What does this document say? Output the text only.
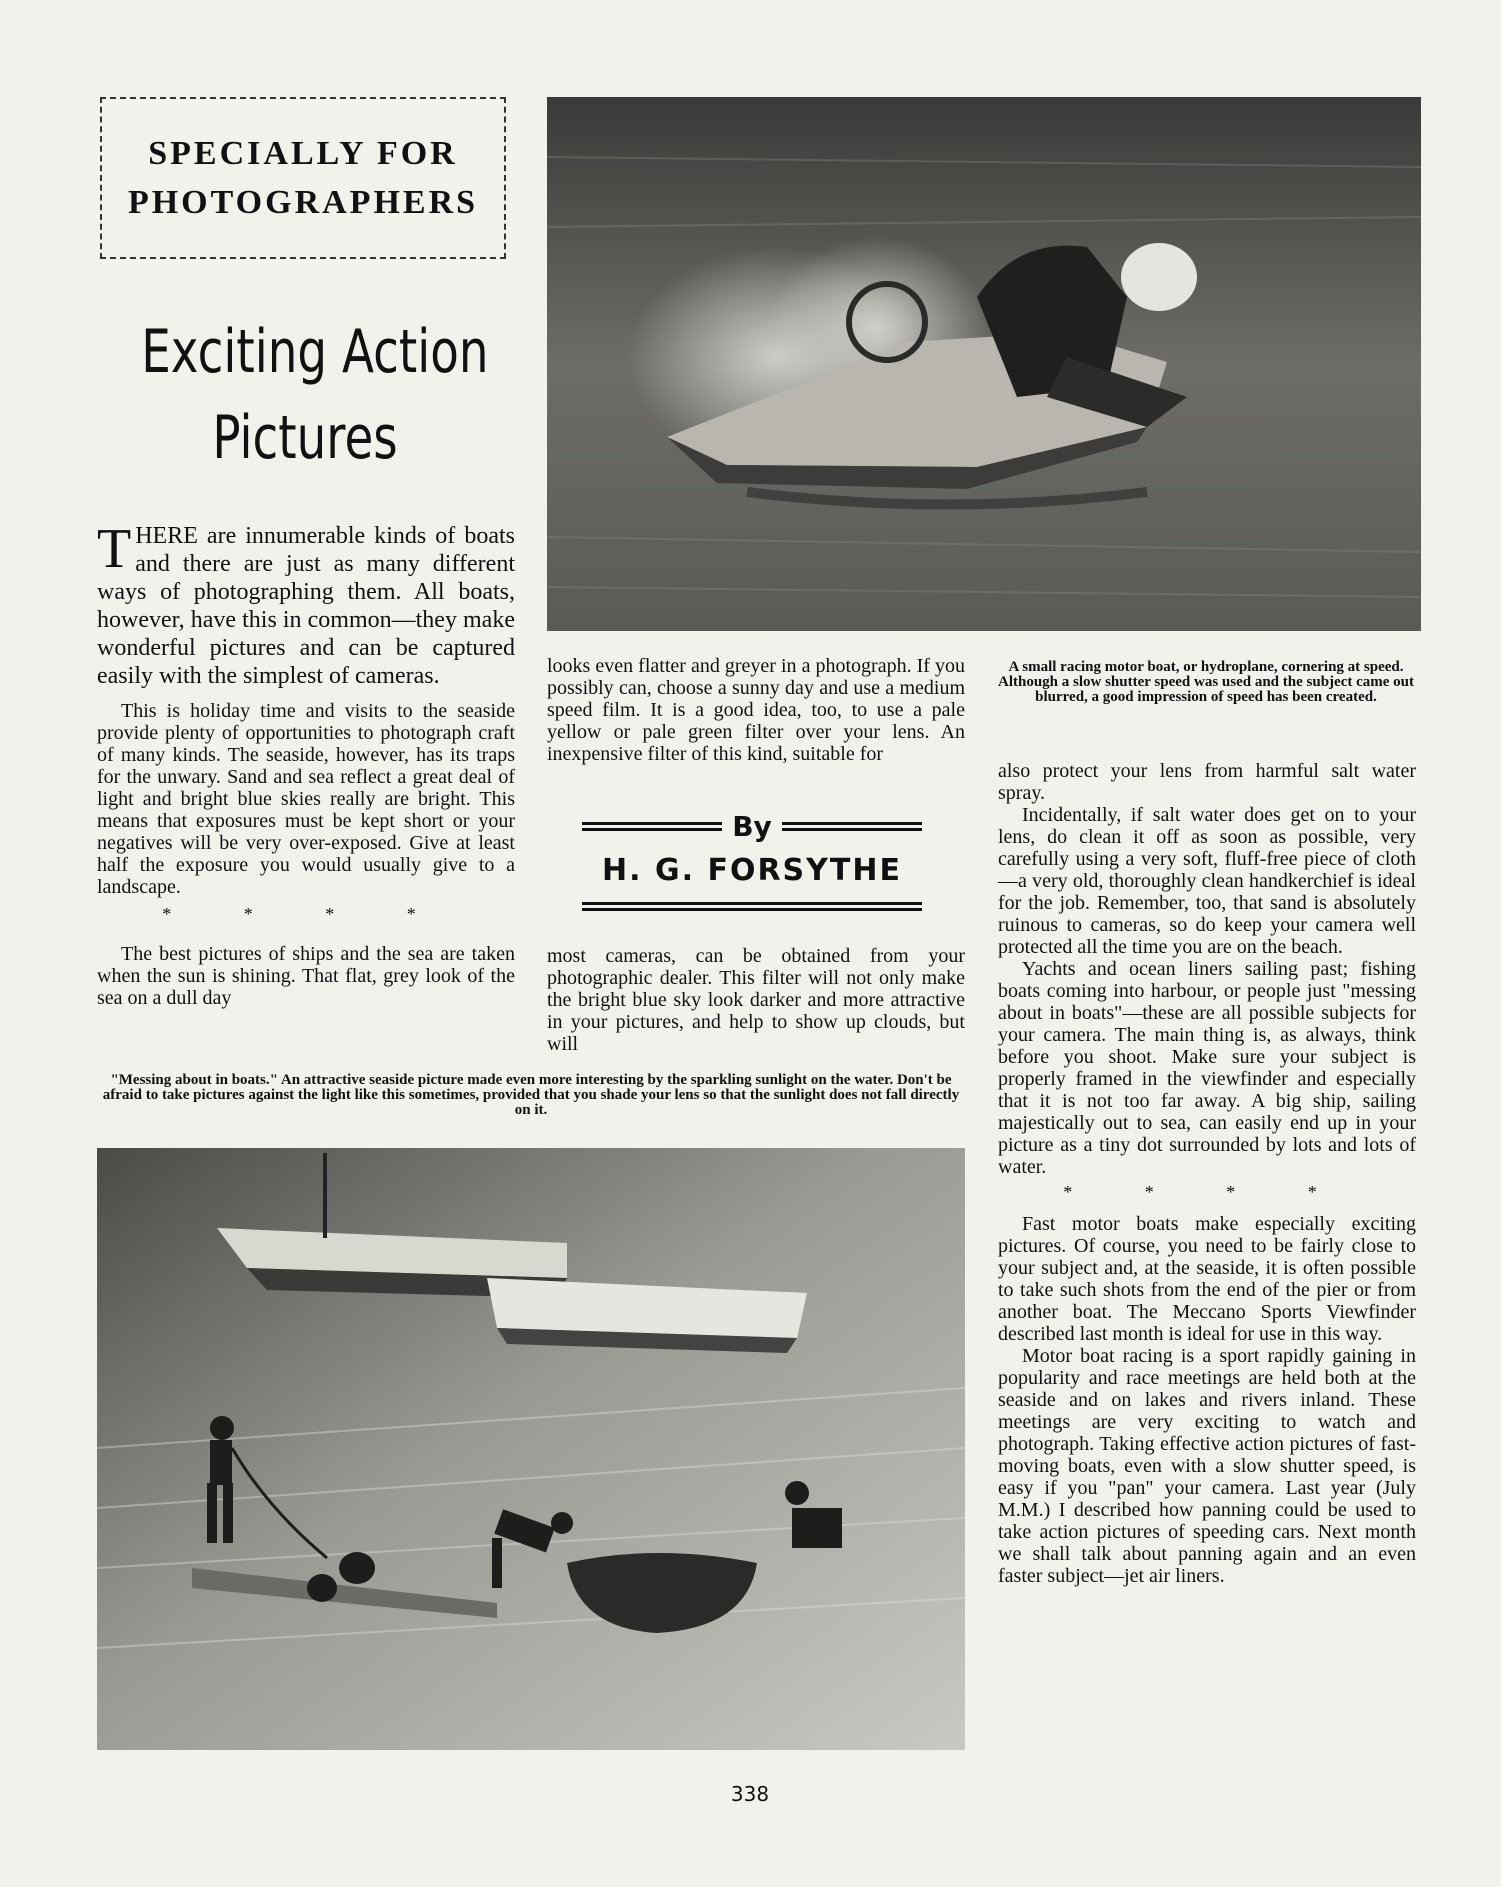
SPECIALLY FOR
PHOTOGRAPHERS
Exciting Action
Pictures
THERE are innumerable kinds of boats and there are just as many different ways of photographing them. All boats, however, have this in common—they make wonderful pictures and can be captured easily with the simplest of cameras.

This is holiday time and visits to the seaside provide plenty of opportunities to photograph craft of many kinds. The seaside, however, has its traps for the unwary. Sand and sea reflect a great deal of light and bright blue skies really are bright. This means that exposures must be kept short or your negatives will be very over-exposed. Give at least half the exposure you would usually give to a landscape.

* * * *

The best pictures of ships and the sea are taken when the sun is shining. That flat, grey look of the sea on a dull day

looks even flatter and greyer in a photograph. If you possibly can, choose a sunny day and use a medium speed film. It is a good idea, too, to use a pale yellow or pale green filter over your lens. An inexpensive filter of this kind, suitable for

By
H. G. FORSYTHE

most cameras, can be obtained from your photographic dealer. This filter will not only make the bright blue sky look darker and more attractive in your pictures, and help to show up clouds, but will

A small racing motor boat, or hydroplane, cornering at speed. Although a slow shutter speed was used and the subject came out blurred, a good impression of speed has been created.

also protect your lens from harmful salt water spray.

Incidentally, if salt water does get on to your lens, do clean it off as soon as possible, very carefully using a very soft, fluff-free piece of cloth—a very old, thoroughly clean handkerchief is ideal for the job. Remember, too, that sand is absolutely ruinous to cameras, so do keep your camera well protected all the time you are on the beach.

Yachts and ocean liners sailing past; fishing boats coming into harbour, or people just "messing about in boats"—these are all possible subjects for your camera. The main thing is, as always, think before you shoot. Make sure your subject is properly framed in the viewfinder and especially that it is not too far away. A big ship, sailing majestically out to sea, can easily end up in your picture as a tiny dot surrounded by lots and lots of water.

* * * *

Fast motor boats make especially exciting pictures. Of course, you need to be fairly close to your subject and, at the seaside, it is often possible to take such shots from the end of the pier or from another boat. The Meccano Sports Viewfinder described last month is ideal for use in this way.

Motor boat racing is a sport rapidly gaining in popularity and race meetings are held both at the seaside and on lakes and rivers inland. These meetings are very exciting to watch and photograph. Taking effective action pictures of fast-moving boats, even with a slow shutter speed, is easy if you "pan" your camera. Last year (July M.M.) I described how panning could be used to take action pictures of speeding cars. Next month we shall talk about panning again and an even faster subject—jet air liners.

"Messing about in boats." An attractive seaside picture made even more interesting by the sparkling sunlight on the water. Don't be afraid to take pictures against the light like this sometimes, provided that you shade your lens so that the sunlight does not fall directly on it.
338
